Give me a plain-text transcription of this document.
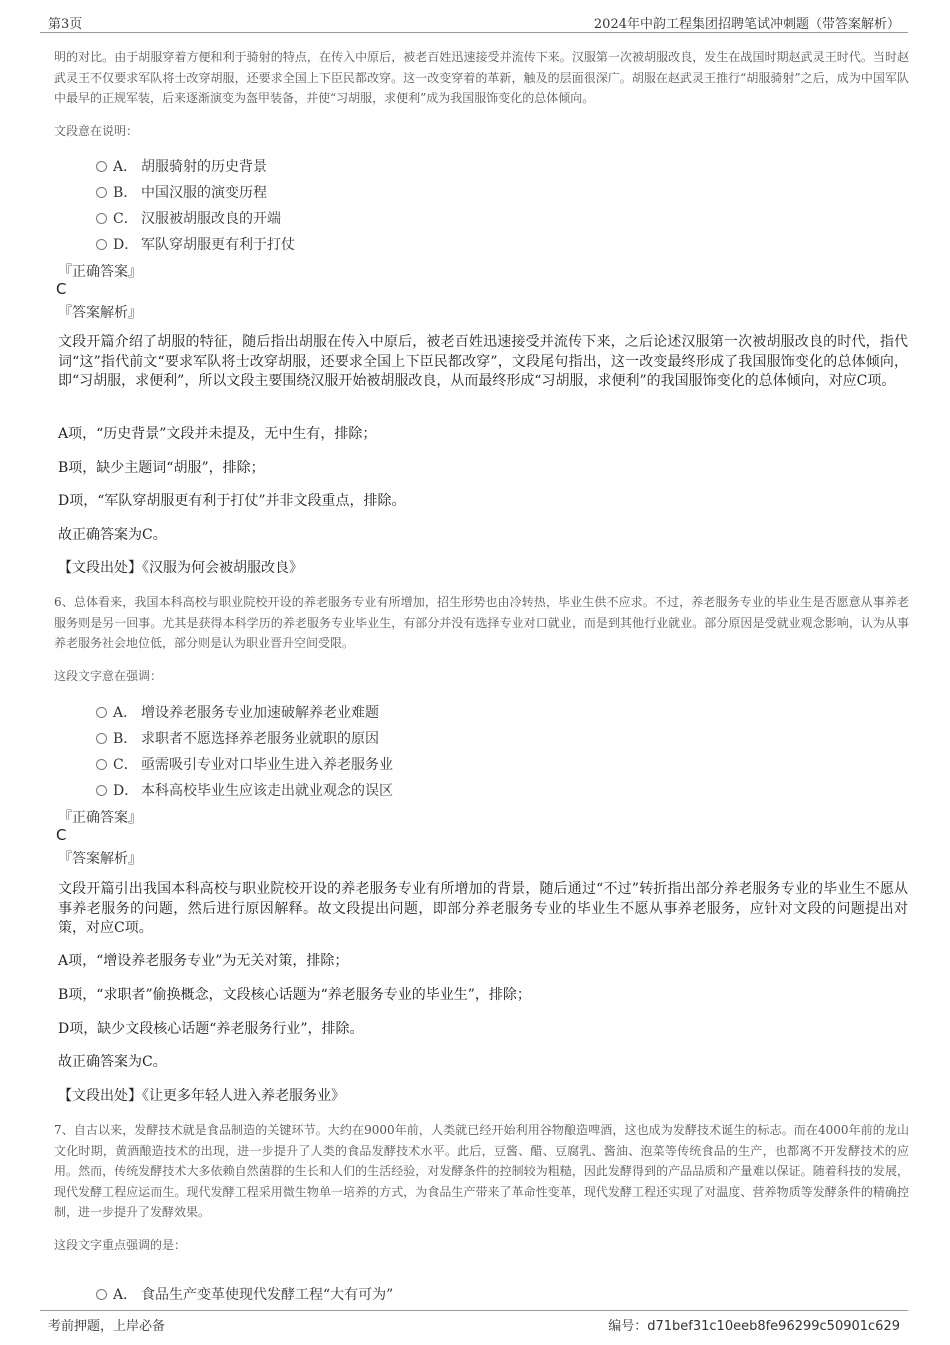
第3页	2024年中韵工程集团招聘笔试冲刺题（带答案解析）
明的对比。由于胡服穿着方便和利于骑射的特点，在传入中原后，被老百姓迅速接受并流传下来。汉服第一次被胡服改良，发生在战国时期赵武灵王时代。当时赵武灵王不仅要求军队将士改穿胡服，还要求全国上下臣民都改穿。这一改变穿着的革新，触及的层面很深广。胡服在赵武灵王推行“胡服骑射”之后，成为中国军队中最早的正规军装，后来逐渐演变为盔甲装备，并使“习胡服，求便利”成为我国服饰变化的总体倾向。
文段意在说明：
A． 胡服骑射的历史背景
B． 中国汉服的演变历程
C． 汉服被胡服改良的开端
D． 军队穿胡服更有利于打仗
『正确答案』
C
『答案解析』
文段开篇介绍了胡服的特征，随后指出胡服在传入中原后，被老百姓迅速接受并流传下来，之后论述汉服第一次被胡服改良的时代，指代词“这”指代前文“要求军队将士改穿胡服，还要求全国上下臣民都改穿”，文段尾句指出，这一改变最终形成了我国服饰变化的总体倾向，即“习胡服，求便利”，所以文段主要围绕汉服开始被胡服改良，从而最终形成“习胡服，求便利”的我国服饰变化的总体倾向，对应C项。
A项，“历史背景”文段并未提及，无中生有，排除；
B项，缺少主题词“胡服”，排除；
D项，“军队穿胡服更有利于打仗”并非文段重点，排除。
故正确答案为C。
【文段出处】《汉服为何会被胡服改良》
6、总体看来，我国本科高校与职业院校开设的养老服务专业有所增加，招生形势也由冷转热，毕业生供不应求。不过，养老服务专业的毕业生是否愿意从事养老服务则是另一回事。尤其是获得本科学历的养老服务专业毕业生，有部分并没有选择专业对口就业，而是到其他行业就业。部分原因是受就业观念影响，认为从事养老服务社会地位低，部分则是认为职业晋升空间受限。
这段文字意在强调：
A． 增设养老服务专业加速破解养老业难题
B． 求职者不愿选择养老服务业就职的原因
C． 亟需吸引专业对口毕业生进入养老服务业
D． 本科高校毕业生应该走出就业观念的误区
『正确答案』
C
『答案解析』
文段开篇引出我国本科高校与职业院校开设的养老服务专业有所增加的背景，随后通过“不过”转折指出部分养老服务专业的毕业生不愿从事养老服务的问题，然后进行原因解释。故文段提出问题，即部分养老服务专业的毕业生不愿从事养老服务，应针对文段的问题提出对策，对应C项。
A项，“增设养老服务专业”为无关对策，排除；
B项，“求职者”偷换概念，文段核心话题为“养老服务专业的毕业生”，排除；
D项，缺少文段核心话题“养老服务行业”，排除。
故正确答案为C。
【文段出处】《让更多年轻人进入养老服务业》
7、自古以来，发酵技术就是食品制造的关键环节。大约在9000年前，人类就已经开始利用谷物酿造啤酒，这也成为发酵技术诞生的标志。而在4000年前的龙山文化时期，黄酒酿造技术的出现，进一步提升了人类的食品发酵技术水平。此后，豆酱、醋、豆腐乳、酱油、泡菜等传统食品的生产，也都离不开发酵技术的应用。然而，传统发酵技术大多依赖自然菌群的生长和人们的生活经验，对发酵条件的控制较为粗糙，因此发酵得到的产品品质和产量难以保证。随着科技的发展，现代发酵工程应运而生。现代发酵工程采用微生物单一培养的方式，为食品生产带来了革命性变革，现代发酵工程还实现了对温度、营养物质等发酵条件的精确控制，进一步提升了发酵效果。
这段文字重点强调的是：
A． 食品生产变革使现代发酵工程“大有可为”
考前押题，上岸必备	编号：d71bef31c10eeb8fe96299c50901c629
